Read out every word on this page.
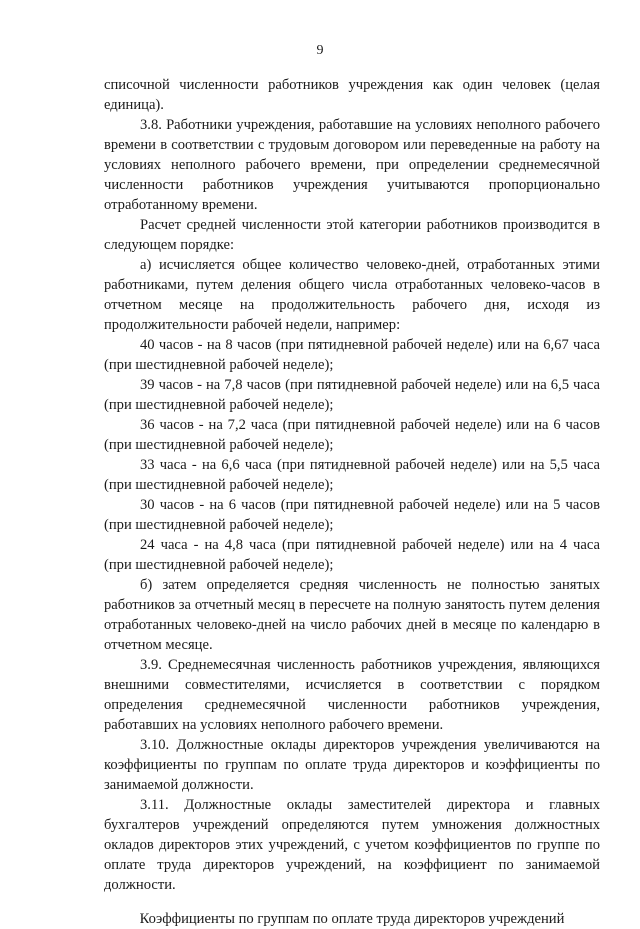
9

списочной численности работников учреждения как один человек (целая единица).

3.8. Работники учреждения, работавшие на условиях неполного рабочего времени в соответствии с трудовым договором или переведенные на работу на условиях неполного рабочего времени, при определении среднемесячной численности работников учреждения учитываются пропорционально отработанному времени.

Расчет средней численности этой категории работников производится в следующем порядке:

а) исчисляется общее количество человеко-дней, отработанных этими работниками, путем деления общего числа отработанных человеко-часов в отчетном месяце на продолжительность рабочего дня, исходя из продолжительности рабочей недели, например:

40 часов - на 8 часов (при пятидневной рабочей неделе) или на 6,67 часа (при шестидневной рабочей неделе);

39 часов - на 7,8 часов (при пятидневной рабочей неделе) или на 6,5 часа (при шестидневной рабочей неделе);

36 часов - на 7,2 часа (при пятидневной рабочей неделе) или на 6 часов (при шестидневной рабочей неделе);

33 часа - на 6,6 часа (при пятидневной рабочей неделе) или на 5,5 часа (при шестидневной рабочей неделе);

30 часов - на 6 часов (при пятидневной рабочей неделе) или на 5 часов (при шестидневной рабочей неделе);

24 часа - на 4,8 часа (при пятидневной рабочей неделе) или на 4 часа (при шестидневной рабочей неделе);

б) затем определяется средняя численность не полностью занятых работников за отчетный месяц в пересчете на полную занятость путем деления отработанных человеко-дней на число рабочих дней в месяце по календарю в отчетном месяце.

3.9. Среднемесячная численность работников учреждения, являющихся внешними совместителями, исчисляется в соответствии с порядком определения среднемесячной численности работников учреждения, работавших на условиях неполного рабочего времени.

3.10. Должностные оклады директоров учреждения увеличиваются на коэффициенты по группам по оплате труда директоров и коэффициенты по занимаемой должности.

3.11. Должностные оклады заместителей директора и главных бухгалтеров учреждений определяются путем умножения должностных окладов директоров этих учреждений, с учетом коэффициентов по группе по оплате труда директоров учреждений, на коэффициент по занимаемой должности.

Коэффициенты по группам по оплате труда директоров учреждений
